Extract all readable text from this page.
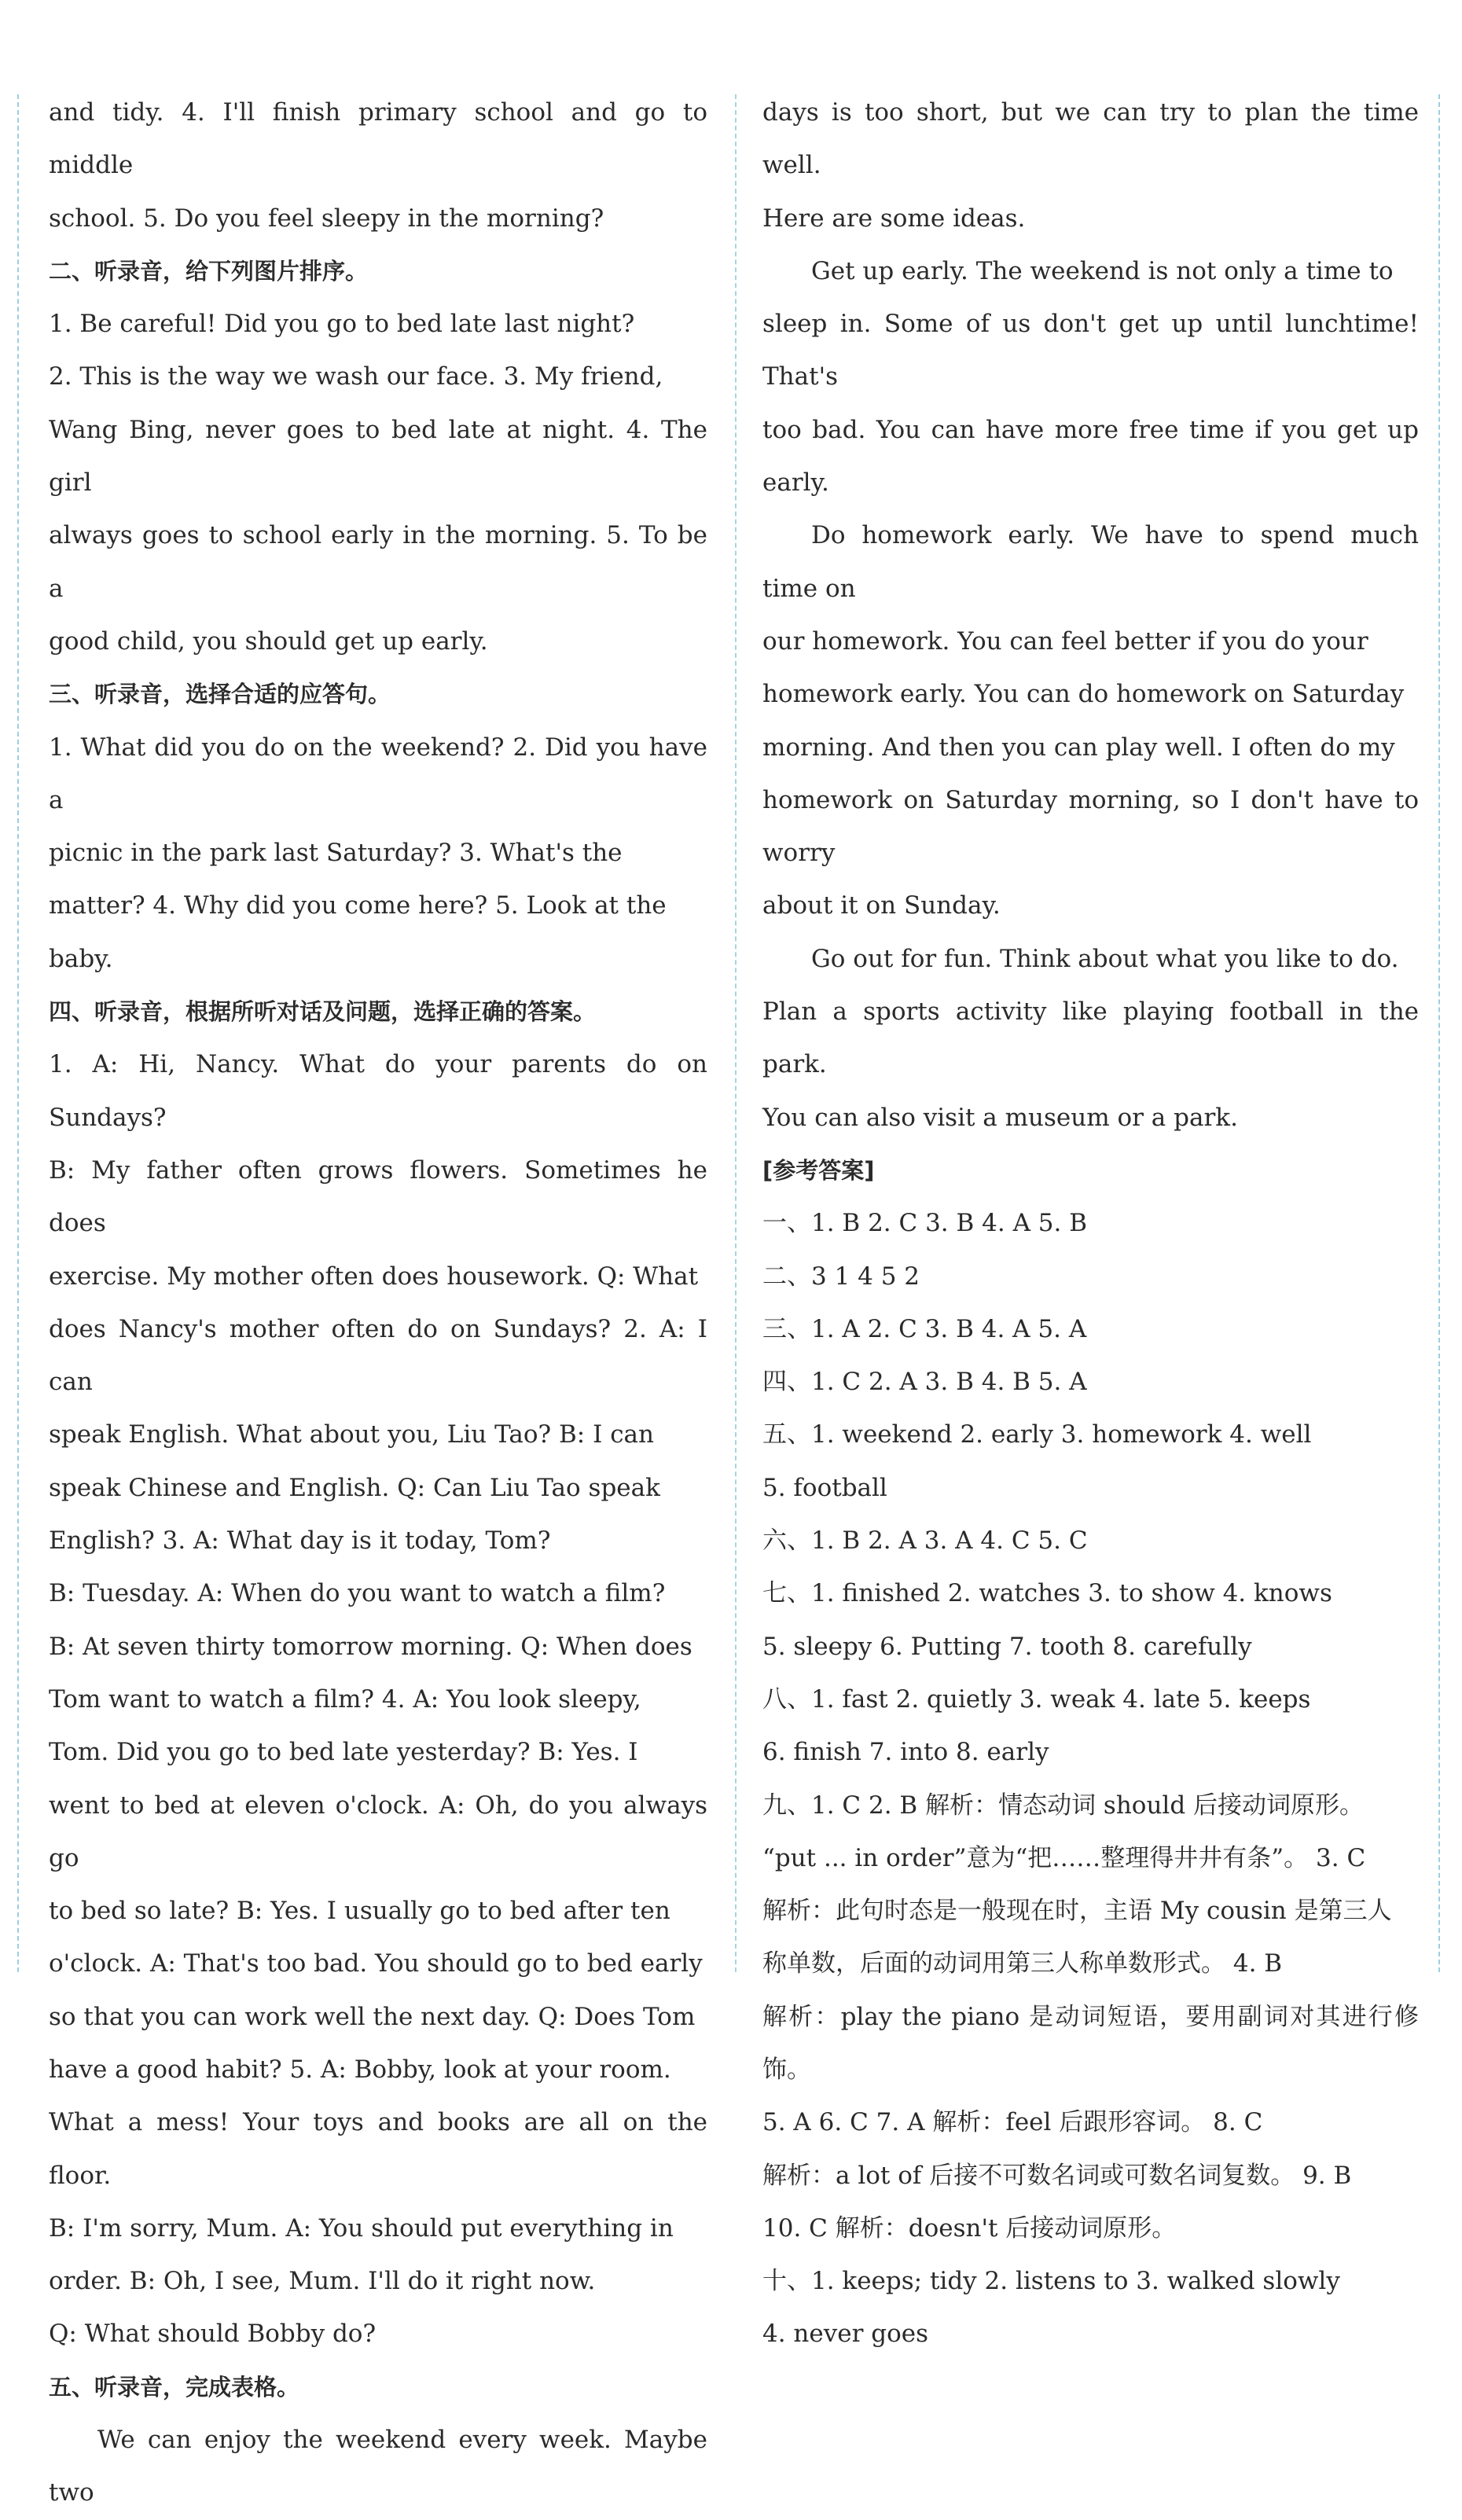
and tidy. 4. I'll finish primary school and go to middle

school. 5. Do you feel sleepy in the morning?

二、听录音，给下列图片排序。

1. Be careful! Did you go to bed late last night?

2. This is the way we wash our face. 3. My friend,

Wang Bing, never goes to bed late at night. 4. The girl

always goes to school early in the morning. 5. To be a

good child, you should get up early.

三、听录音，选择合适的应答句。

1. What did you do on the weekend? 2. Did you have a

picnic in the park last Saturday? 3. What's the

matter? 4. Why did you come here? 5. Look at the

baby.

四、听录音，根据所听对话及问题，选择正确的答案。

1. A: Hi, Nancy. What do your parents do on Sundays?

B: My father often grows flowers. Sometimes he does

exercise. My mother often does housework. Q: What

does Nancy's mother often do on Sundays? 2. A: I can

speak English. What about you, Liu Tao? B: I can

speak Chinese and English. Q: Can Liu Tao speak

English? 3. A: What day is it today, Tom?

B: Tuesday. A: When do you want to watch a film?

B: At seven thirty tomorrow morning. Q: When does

Tom want to watch a film? 4. A: You look sleepy,

Tom. Did you go to bed late yesterday? B: Yes. I

went to bed at eleven o'clock. A: Oh, do you always go

to bed so late? B: Yes. I usually go to bed after ten

o'clock. A: That's too bad. You should go to bed early

so that you can work well the next day. Q: Does Tom

have a good habit? 5. A: Bobby, look at your room.

What a mess! Your toys and books are all on the floor.

B: I'm sorry, Mum. A: You should put everything in

order. B: Oh, I see, Mum. I'll do it right now.

Q: What should Bobby do?

五、听录音，完成表格。

We can enjoy the weekend every week. Maybe two

days is too short, but we can try to plan the time well.

Here are some ideas.

Get up early. The weekend is not only a time to

sleep in. Some of us don't get up until lunchtime! That's

too bad. You can have more free time if you get up early.

Do homework early. We have to spend much time on

our homework. You can feel better if you do your

homework early. You can do homework on Saturday

morning. And then you can play well. I often do my

homework on Saturday morning, so I don't have to worry

about it on Sunday.

Go out for fun. Think about what you like to do.

Plan a sports activity like playing football in the park.

You can also visit a museum or a park.

[参考答案]

一、1. B 2. C 3. B 4. A 5. B

二、3 1 4 5 2

三、1. A 2. C 3. B 4. A 5. A

四、1. C 2. A 3. B 4. B 5. A

五、1. weekend 2. early 3. homework 4. well

5. football

六、1. B 2. A 3. A 4. C 5. C

七、1. finished 2. watches 3. to show 4. knows

5. sleepy 6. Putting 7. tooth 8. carefully

八、1. fast 2. quietly 3. weak 4. late 5. keeps

6. finish 7. into 8. early

九、1. C 2. B 解析：情态动词 should 后接动词原形。

“put ... in order”意为“把……整理得井井有条”。 3. C

解析：此句时态是一般现在时，主语 My cousin 是第三人

称单数，后面的动词用第三人称单数形式。 4. B

解析：play the piano 是动词短语，要用副词对其进行修饰。

5. A 6. C 7. A 解析：feel 后跟形容词。 8. C

解析：a lot of 后接不可数名词或可数名词复数。 9. B

10. C 解析：doesn't 后接动词原形。

十、1. keeps; tidy 2. listens to 3. walked slowly

4. never goes
